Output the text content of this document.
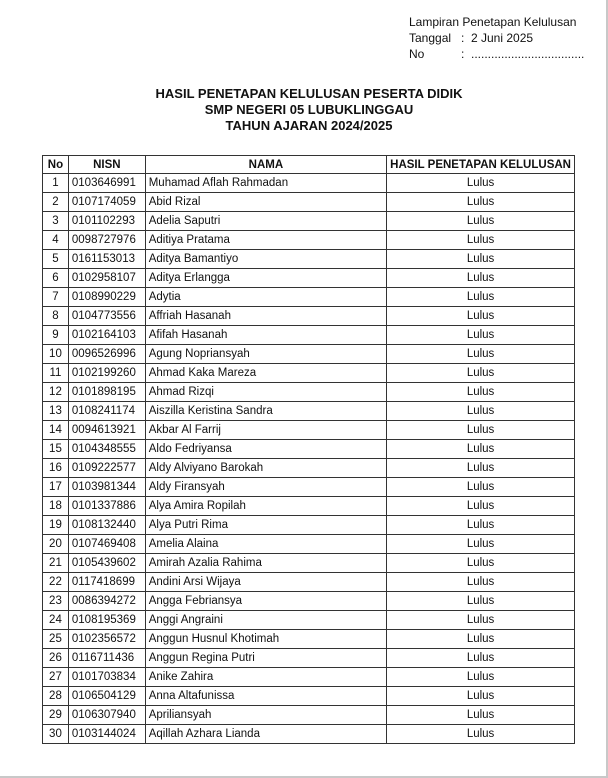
Lampiran Penetapan Kelulusan
Tanggal : 2 Juni 2025
No	: ..................................
HASIL PENETAPAN KELULUSAN PESERTA DIDIK
SMP NEGERI 05 LUBUKLINGGAU
TAHUN AJARAN 2024/2025
No	NISN	NAMA	HASIL PENETAPAN KELULUSAN
1	0103646991	Muhamad Aflah Rahmadan	Lulus
2	0107174059	Abid Rizal	Lulus
3	0101102293	Adelia Saputri	Lulus
4	0098727976	Aditiya Pratama	Lulus
5	0161153013	Aditya Bamantiyo	Lulus
6	0102958107	Aditya Erlangga	Lulus
7	0108990229	Adytia	Lulus
8	0104773556	Affriah Hasanah	Lulus
9	0102164103	Afifah Hasanah	Lulus
10	0096526996	Agung Nopriansyah	Lulus
11	0102199260	Ahmad Kaka Mareza	Lulus
12	0101898195	Ahmad Rizqi	Lulus
13	0108241174	Aiszilla Keristina Sandra	Lulus
14	0094613921	Akbar Al Farrij	Lulus
15	0104348555	Aldo Fedriyansa	Lulus
16	0109222577	Aldy Alviyano Barokah	Lulus
17	0103981344	Aldy Firansyah	Lulus
18	0101337886	Alya Amira Ropilah	Lulus
19	0108132440	Alya Putri Rima	Lulus
20	0107469408	Amelia Alaina	Lulus
21	0105439602	Amirah Azalia Rahima	Lulus
22	0117418699	Andini Arsi Wijaya	Lulus
23	0086394272	Angga Febriansya	Lulus
24	0108195369	Anggi Angraini	Lulus
25	0102356572	Anggun Husnul Khotimah	Lulus
26	0116711436	Anggun Regina Putri	Lulus
27	0101703834	Anike Zahira	Lulus
28	0106504129	Anna Altafunissa	Lulus
29	0106307940	Apriliansyah	Lulus
30	0103144024	Aqillah Azhara Lianda	Lulus
